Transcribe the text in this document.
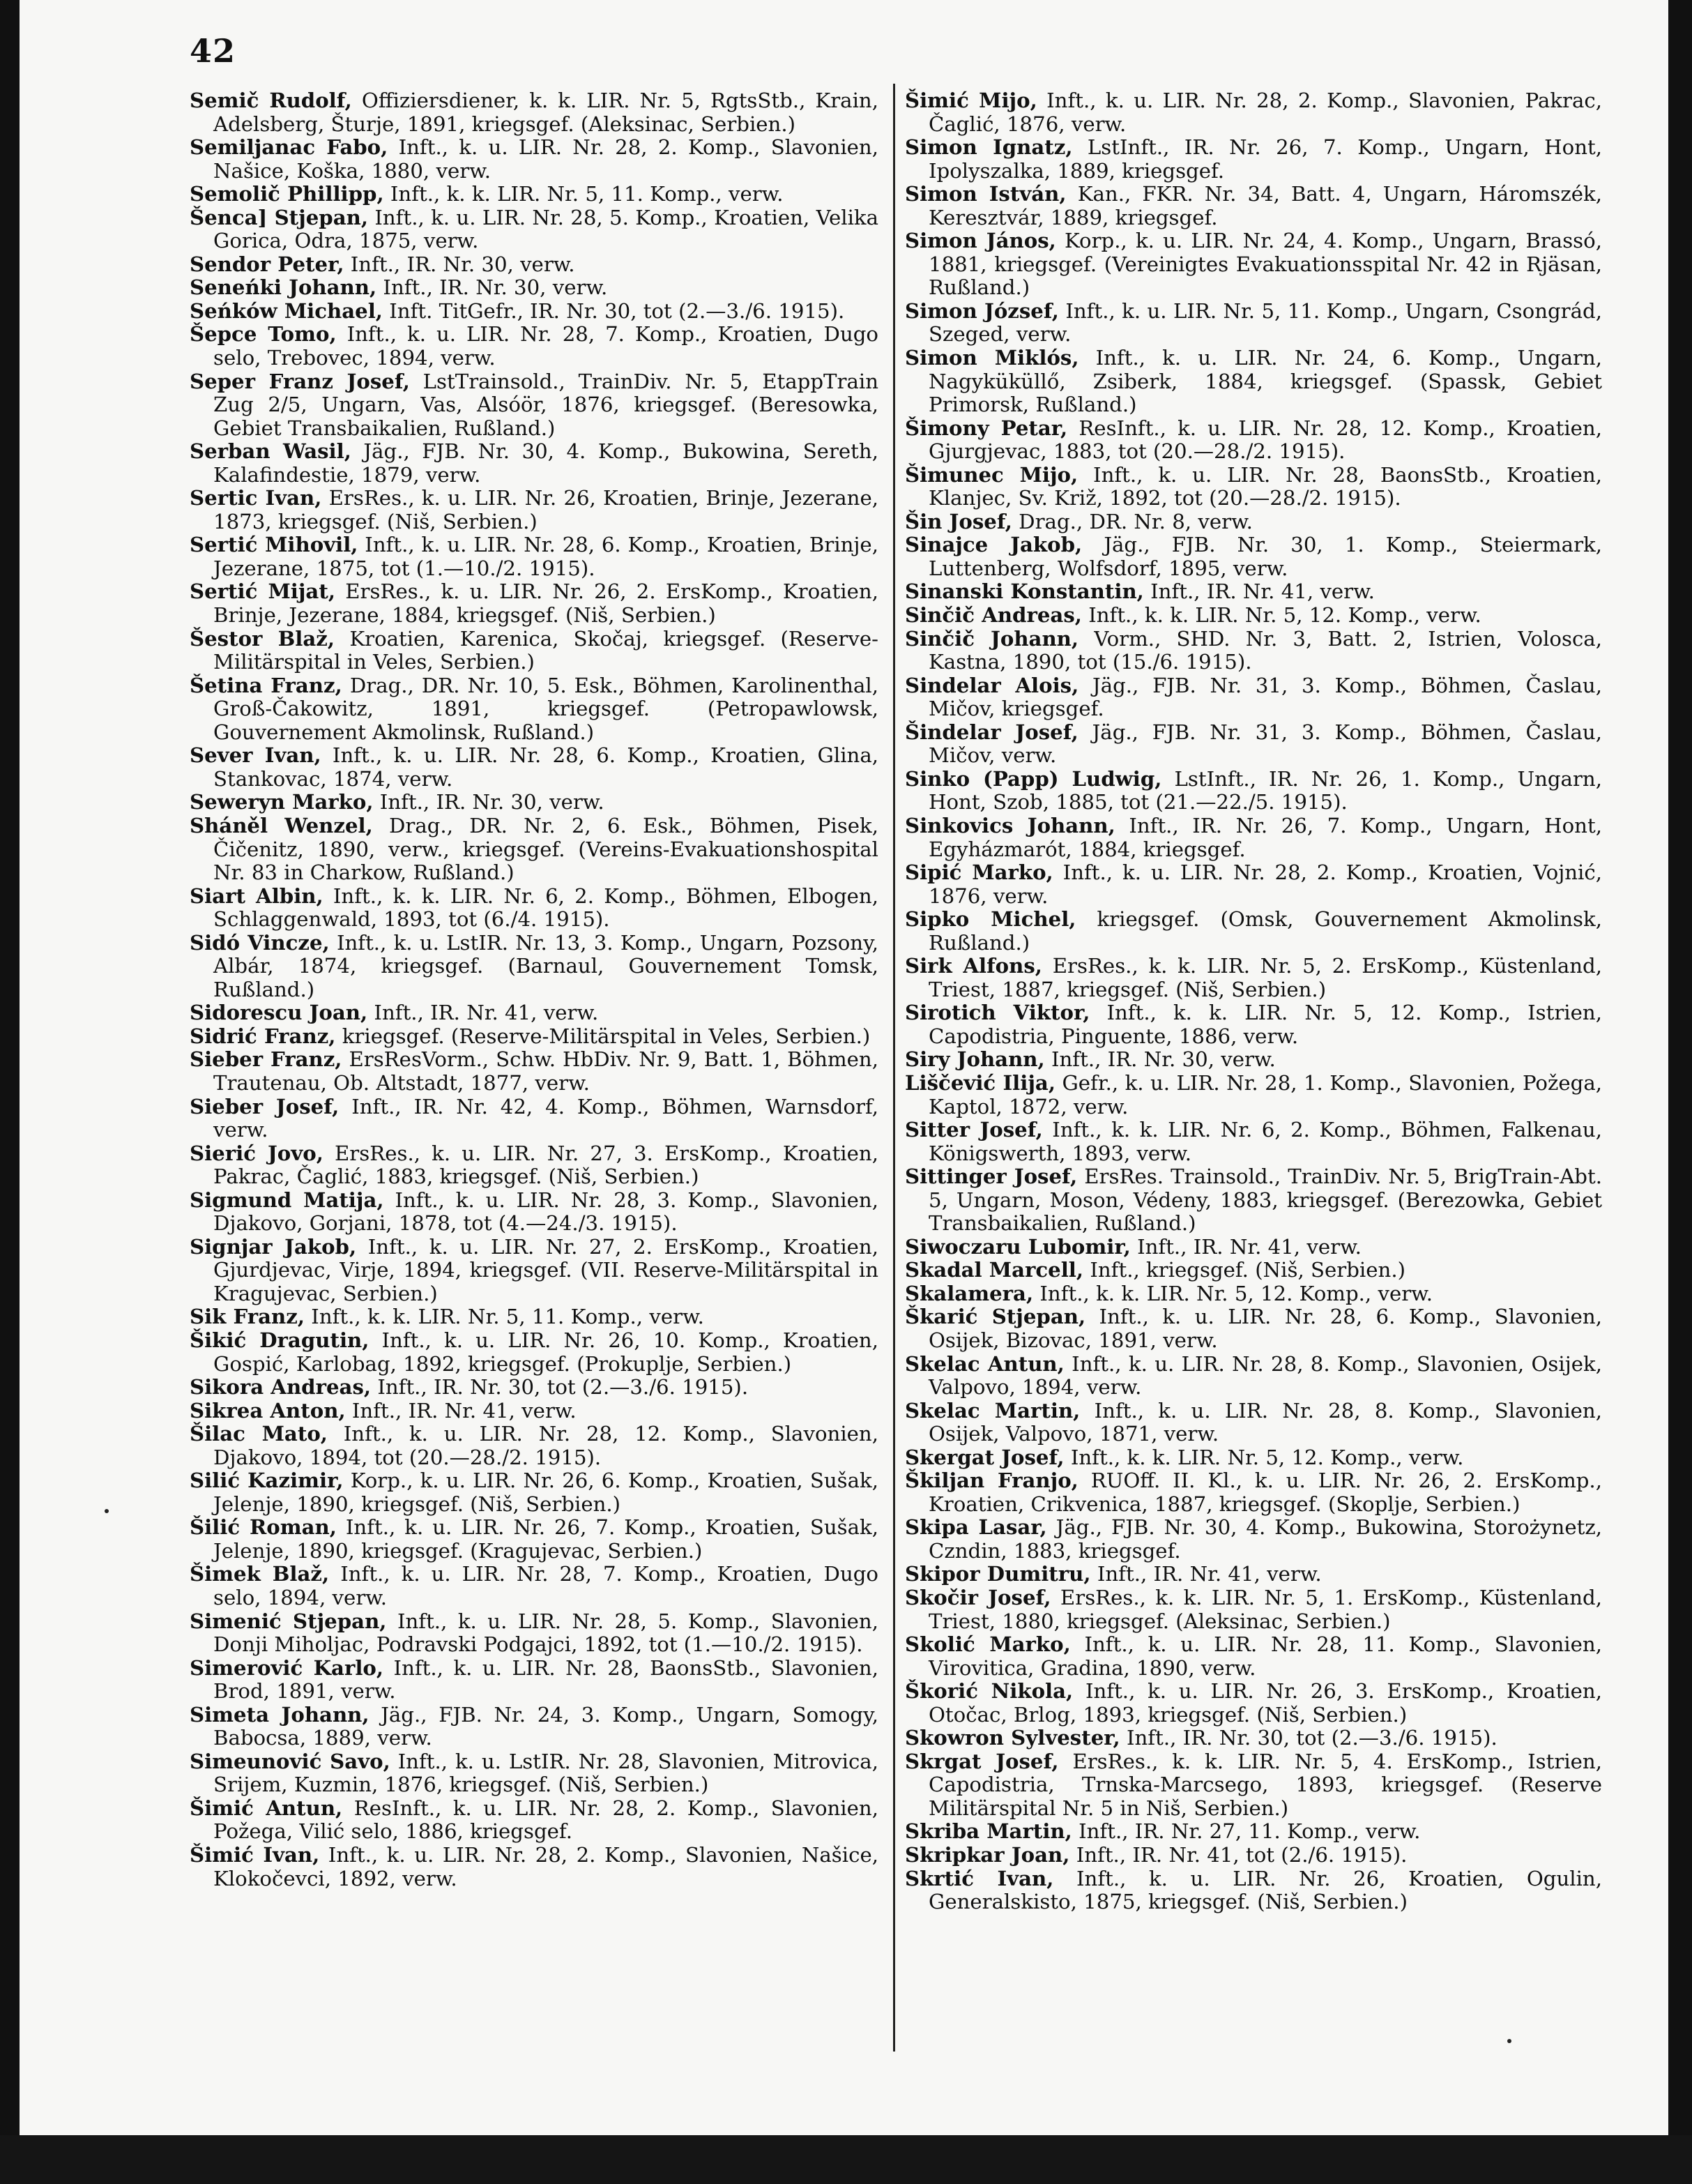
42

Semič Rudolf, Offiziersdiener, k. k. LIR. Nr. 5, RgtsStb., Krain, Adelsberg, Šturje, 1891, kriegsgef. (Aleksinac, Serbien.)

Semiljanac Fabo, Inft., k. u. LIR. Nr. 28, 2. Komp., Slavonien, Našice, Koška, 1880, verw.

Semolič Phillipp, Inft., k. k. LIR. Nr. 5, 11. Komp., verw.

Šenca] Stjepan, Inft., k. u. LIR. Nr. 28, 5. Komp., Kroatien, Velika Gorica, Odra, 1875, verw.

Sendor Peter, Inft., IR. Nr. 30, verw.

Seneńki Johann, Inft., IR. Nr. 30, verw.

Seńków Michael, Inft. TitGefr., IR. Nr. 30, tot (2.—3./6. 1915).

Šepce Tomo, Inft., k. u. LIR. Nr. 28, 7. Komp., Kroatien, Dugo selo, Trebovec, 1894, verw.

Seper Franz Josef, LstTrainsold., TrainDiv. Nr. 5, EtappTrain Zug 2/5, Ungarn, Vas, Alsóör, 1876, kriegsgef. (Beresowka, Gebiet Transbaikalien, Rußland.)

Serban Wasil, Jäg., FJB. Nr. 30, 4. Komp., Bukowina, Sereth, Kalafindestie, 1879, verw.

Sertic Ivan, ErsRes., k. u. LIR. Nr. 26, Kroatien, Brinje, Jezerane, 1873, kriegsgef. (Niš, Serbien.)

Sertić Mihovil, Inft., k. u. LIR. Nr. 28, 6. Komp., Kroatien, Brinje, Jezerane, 1875, tot (1.—10./2. 1915).

Sertić Mijat, ErsRes., k. u. LIR. Nr. 26, 2. ErsKomp., Kroatien, Brinje, Jezerane, 1884, kriegsgef. (Niš, Serbien.)

Šestor Blaž, Kroatien, Karenica, Skočaj, kriegsgef. (Reserve-Militärspital in Veles, Serbien.)

Šetina Franz, Drag., DR. Nr. 10, 5. Esk., Böhmen, Karolinenthal, Groß-Čakowitz, 1891, kriegsgef. (Petropawlowsk, Gouvernement Akmolinsk, Rußland.)

Sever Ivan, Inft., k. u. LIR. Nr. 28, 6. Komp., Kroatien, Glina, Stankovac, 1874, verw.

Seweryn Marko, Inft., IR. Nr. 30, verw.

Sháněl Wenzel, Drag., DR. Nr. 2, 6. Esk., Böhmen, Pisek, Čičenitz, 1890, verw., kriegsgef. (Vereins-Evakuationshospital Nr. 83 in Charkow, Rußland.)

Siart Albin, Inft., k. k. LIR. Nr. 6, 2. Komp., Böhmen, Elbogen, Schlaggenwald, 1893, tot (6./4. 1915).

Sidó Vincze, Inft., k. u. LstIR. Nr. 13, 3. Komp., Ungarn, Pozsony, Albár, 1874, kriegsgef. (Barnaul, Gouvernement Tomsk, Rußland.)

Sidorescu Joan, Inft., IR. Nr. 41, verw.

Sidrić Franz, kriegsgef. (Reserve-Militärspital in Veles, Serbien.)

Sieber Franz, ErsResVorm., Schw. HbDiv. Nr. 9, Batt. 1, Böhmen, Trautenau, Ob. Altstadt, 1877, verw.

Sieber Josef, Inft., IR. Nr. 42, 4. Komp., Böhmen, Warnsdorf, verw.

Sierić Jovo, ErsRes., k. u. LIR. Nr. 27, 3. ErsKomp., Kroatien, Pakrac, Čaglić, 1883, kriegsgef. (Niš, Serbien.)

Sigmund Matija, Inft., k. u. LIR. Nr. 28, 3. Komp., Slavonien, Djakovo, Gorjani, 1878, tot (4.—24./3. 1915).

Signjar Jakob, Inft., k. u. LIR. Nr. 27, 2. ErsKomp., Kroatien, Gjurdjevac, Virje, 1894, kriegsgef. (VII. Reserve-Militärspital in Kragujevac, Serbien.)

Sik Franz, Inft., k. k. LIR. Nr. 5, 11. Komp., verw.

Šikić Dragutin, Inft., k. u. LIR. Nr. 26, 10. Komp., Kroatien, Gospić, Karlobag, 1892, kriegsgef. (Prokuplje, Serbien.)

Sikora Andreas, Inft., IR. Nr. 30, tot (2.—3./6. 1915).

Sikrea Anton, Inft., IR. Nr. 41, verw.

Šilac Mato, Inft., k. u. LIR. Nr. 28, 12. Komp., Slavonien, Djakovo, 1894, tot (20.—28./2. 1915).

Silić Kazimir, Korp., k. u. LIR. Nr. 26, 6. Komp., Kroatien, Sušak, Jelenje, 1890, kriegsgef. (Niš, Serbien.)

Šilić Roman, Inft., k. u. LIR. Nr. 26, 7. Komp., Kroatien, Sušak, Jelenje, 1890, kriegsgef. (Kragujevac, Serbien.)

Šimek Blaž, Inft., k. u. LIR. Nr. 28, 7. Komp., Kroatien, Dugo selo, 1894, verw.

Simenić Stjepan, Inft., k. u. LIR. Nr. 28, 5. Komp., Slavonien, Donji Miholjac, Podravski Podgajci, 1892, tot (1.—10./2. 1915).

Simerović Karlo, Inft., k. u. LIR. Nr. 28, BaonsStb., Slavonien, Brod, 1891, verw.

Simeta Johann, Jäg., FJB. Nr. 24, 3. Komp., Ungarn, Somogy, Babocsa, 1889, verw.

Simeunović Savo, Inft., k. u. LstIR. Nr. 28, Slavonien, Mitrovica, Srijem, Kuzmin, 1876, kriegsgef. (Niš, Serbien.)

Šimić Antun, ResInft., k. u. LIR. Nr. 28, 2. Komp., Slavonien, Požega, Vilić selo, 1886, kriegsgef.

Šimić Ivan, Inft., k. u. LIR. Nr. 28, 2. Komp., Slavonien, Našice, Klokočevci, 1892, verw.

Šimić Mijo, Inft., k. u. LIR. Nr. 28, 2. Komp., Slavonien, Pakrac, Čaglić, 1876, verw.

Simon Ignatz, LstInft., IR. Nr. 26, 7. Komp., Ungarn, Hont, Ipolyszalka, 1889, kriegsgef.

Simon István, Kan., FKR. Nr. 34, Batt. 4, Ungarn, Háromszék, Keresztvár, 1889, kriegsgef.

Simon János, Korp., k. u. LIR. Nr. 24, 4. Komp., Ungarn, Brassó, 1881, kriegsgef. (Vereinigtes Evakuationsspital Nr. 42 in Rjäsan, Rußland.)

Simon József, Inft., k. u. LIR. Nr. 5, 11. Komp., Ungarn, Csongrád, Szeged, verw.

Simon Miklós, Inft., k. u. LIR. Nr. 24, 6. Komp., Ungarn, Nagyküküllő, Zsiberk, 1884, kriegsgef. (Spassk, Gebiet Primorsk, Rußland.)

Šimony Petar, ResInft., k. u. LIR. Nr. 28, 12. Komp., Kroatien, Gjurgjevac, 1883, tot (20.—28./2. 1915).

Šimunec Mijo, Inft., k. u. LIR. Nr. 28, BaonsStb., Kroatien, Klanjec, Sv. Križ, 1892, tot (20.—28./2. 1915).

Šin Josef, Drag., DR. Nr. 8, verw.

Sinajce Jakob, Jäg., FJB. Nr. 30, 1. Komp., Steiermark, Luttenberg, Wolfsdorf, 1895, verw.

Sinanski Konstantin, Inft., IR. Nr. 41, verw.

Sinčič Andreas, Inft., k. k. LIR. Nr. 5, 12. Komp., verw.

Sinčič Johann, Vorm., SHD. Nr. 3, Batt. 2, Istrien, Volosca, Kastna, 1890, tot (15./6. 1915).

Sindelar Alois, Jäg., FJB. Nr. 31, 3. Komp., Böhmen, Časlau, Mičov, kriegsgef.

Šindelar Josef, Jäg., FJB. Nr. 31, 3. Komp., Böhmen, Časlau, Mičov, verw.

Sinko (Papp) Ludwig, LstInft., IR. Nr. 26, 1. Komp., Ungarn, Hont, Szob, 1885, tot (21.—22./5. 1915).

Sinkovics Johann, Inft., IR. Nr. 26, 7. Komp., Ungarn, Hont, Egyházmarót, 1884, kriegsgef.

Sipić Marko, Inft., k. u. LIR. Nr. 28, 2. Komp., Kroatien, Vojnić, 1876, verw.

Sipko Michel, kriegsgef. (Omsk, Gouvernement Akmolinsk, Rußland.)

Sirk Alfons, ErsRes., k. k. LIR. Nr. 5, 2. ErsKomp., Küstenland, Triest, 1887, kriegsgef. (Niš, Serbien.)

Sirotich Viktor, Inft., k. k. LIR. Nr. 5, 12. Komp., Istrien, Capodistria, Pinguente, 1886, verw.

Siry Johann, Inft., IR. Nr. 30, verw.

Liščević Ilija, Gefr., k. u. LIR. Nr. 28, 1. Komp., Slavonien, Požega, Kaptol, 1872, verw.

Sitter Josef, Inft., k. k. LIR. Nr. 6, 2. Komp., Böhmen, Falkenau, Königswerth, 1893, verw.

Sittinger Josef, ErsRes. Trainsold., TrainDiv. Nr. 5, BrigTrain-Abt. 5, Ungarn, Moson, Védeny, 1883, kriegsgef. (Berezowka, Gebiet Transbaikalien, Rußland.)

Siwoczaru Lubomir, Inft., IR. Nr. 41, verw.

Skadal Marcell, Inft., kriegsgef. (Niš, Serbien.)

Skalamera, Inft., k. k. LIR. Nr. 5, 12. Komp., verw.

Škarić Stjepan, Inft., k. u. LIR. Nr. 28, 6. Komp., Slavonien, Osijek, Bizovac, 1891, verw.

Skelac Antun, Inft., k. u. LIR. Nr. 28, 8. Komp., Slavonien, Osijek, Valpovo, 1894, verw.

Skelac Martin, Inft., k. u. LIR. Nr. 28, 8. Komp., Slavonien, Osijek, Valpovo, 1871, verw.

Skergat Josef, Inft., k. k. LIR. Nr. 5, 12. Komp., verw.

Škiljan Franjo, RUOff. II. Kl., k. u. LIR. Nr. 26, 2. ErsKomp., Kroatien, Crikvenica, 1887, kriegsgef. (Skoplje, Serbien.)

Skipa Lasar, Jäg., FJB. Nr. 30, 4. Komp., Bukowina, Storożynetz, Czndin, 1883, kriegsgef.

Skipor Dumitru, Inft., IR. Nr. 41, verw.

Skočir Josef, ErsRes., k. k. LIR. Nr. 5, 1. ErsKomp., Küstenland, Triest, 1880, kriegsgef. (Aleksinac, Serbien.)

Skolić Marko, Inft., k. u. LIR. Nr. 28, 11. Komp., Slavonien, Virovitica, Gradina, 1890, verw.

Škorić Nikola, Inft., k. u. LIR. Nr. 26, 3. ErsKomp., Kroatien, Otočac, Brlog, 1893, kriegsgef. (Niš, Serbien.)

Skowron Sylvester, Inft., IR. Nr. 30, tot (2.—3./6. 1915).

Skrgat Josef, ErsRes., k. k. LIR. Nr. 5, 4. ErsKomp., Istrien, Capodistria, Trnska-Marcsego, 1893, kriegsgef. (Reserve Militärspital Nr. 5 in Niš, Serbien.)

Skriba Martin, Inft., IR. Nr. 27, 11. Komp., verw.

Skripkar Joan, Inft., IR. Nr. 41, tot (2./6. 1915).

Skrtić Ivan, Inft., k. u. LIR. Nr. 26, Kroatien, Ogulin, Generalskisto, 1875, kriegsgef. (Niš, Serbien.)
